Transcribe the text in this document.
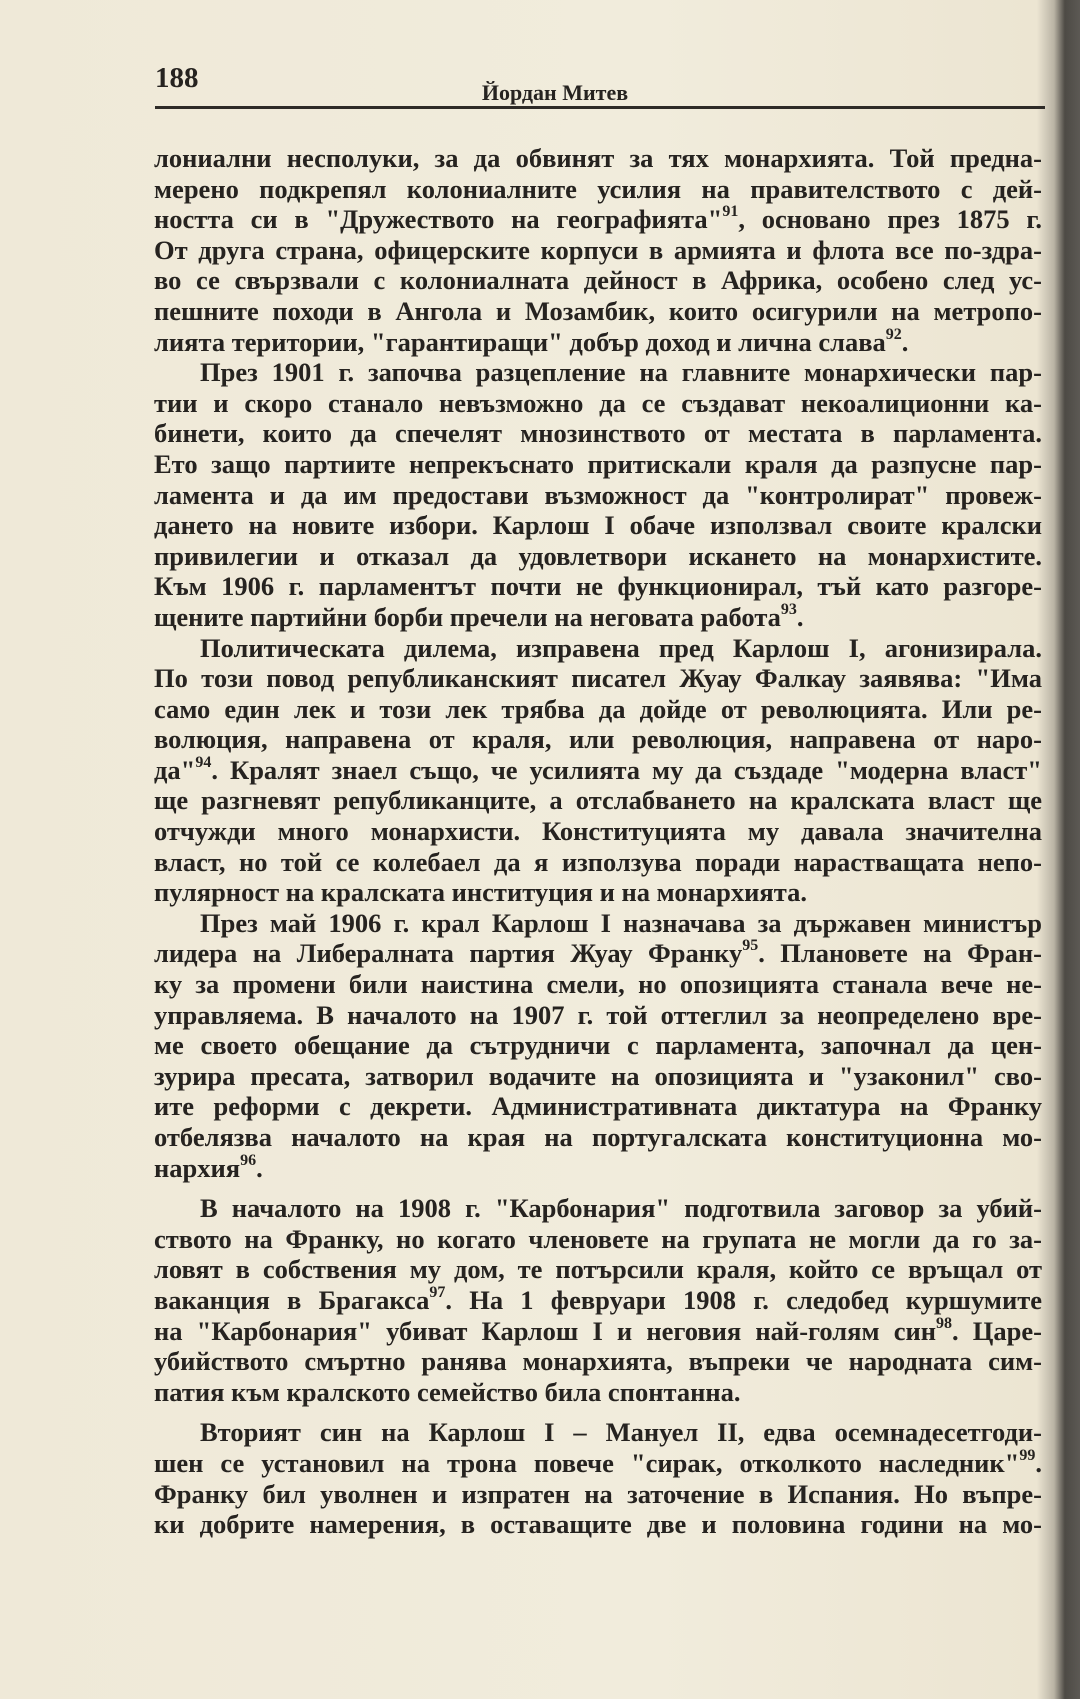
188	Йордан Митев
лониални несполуки, за да обвинят за тях монархията. Той предна-
мерено подкрепял колониалните усилия на правителството с дей-
ността си в "Дружеството на географията"$^{91}$, основано през 1875 г.
От друга страна, офицерските корпуси в армията и флота все по-здра-
во се свързвали с колониалната дейност в Африка, особено след ус-
пешните походи в Ангола и Мозамбик, които осигурили на метропо-
лията територии, "гарантиращи" добър доход и лична слава$^{92}$.
През 1901 г. започва разцепление на главните монархически пар-
тии и скоро станало невъзможно да се създават некоалиционни ка-
бинети, които да спечелят мнозинството от местата в парламента.
Ето защо партиите непрекъснато притискали краля да разпусне пар-
ламента и да им предостави възможност да "контролират" провеж-
дането на новите избори. Карлош I обаче използвал своите кралски
привилегии и отказал да удовлетвори искането на монархистите.
Към 1906 г. парламентът почти не функционирал, тъй като разгоре-
щените партийни борби пречели на неговата работа$^{93}$.
Политическата дилема, изправена пред Карлош I, агонизирала.
По този повод републиканският писател Жуау Фалкау заявява: "Има
само един лек и този лек трябва да дойде от революцията. Или ре-
волюция, направена от краля, или революция, направена от наро-
да"$^{94}$. Кралят знаел също, че усилията му да създаде "модерна власт"
ще разгневят републиканците, а отслабването на кралската власт ще
отчужди много монархисти. Конституцията му давала значителна
власт, но той се колебаел да я използува поради нарастващата непо-
пулярност на кралската институция и на монархията.
През май 1906 г. крал Карлош I назначава за държавен министър
лидера на Либералната партия Жуау Франку$^{95}$. Плановете на Фран-
ку за промени били наистина смели, но опозицията станала вече не-
управляема. В началото на 1907 г. той оттеглил за неопределено вре-
ме своето обещание да сътрудничи с парламента, започнал да цен-
зурира пресата, затворил водачите на опозицията и "узаконил" сво-
ите реформи с декрети. Административната диктатура на Франку
отбелязва началото на края на португалската конституционна мо-
нархия$^{96}$.
В началото на 1908 г. "Карбонария" подготвила заговор за убий-
ството на Франку, но когато членовете на групата не могли да го за-
ловят в собствения му дом, те потърсили краля, който се връщал от
ваканция в Брагакса$^{97}$. На 1 февруари 1908 г. следобед куршумите
на "Карбонария" убиват Карлош I и неговия най-голям син$^{98}$. Царе-
убийството смъртно ранява монархията, въпреки че народната сим-
патия към кралското семейство била спонтанна.
Вторият син на Карлош I – Мануел II, едва осемнадесетгоди-
шен се установил на трона повече "сирак, отколкото наследник"$^{99}$.
Франку бил уволнен и изпратен на заточение в Испания. Но въпре-
ки добрите намерения, в оставащите две и половина години на мо-
